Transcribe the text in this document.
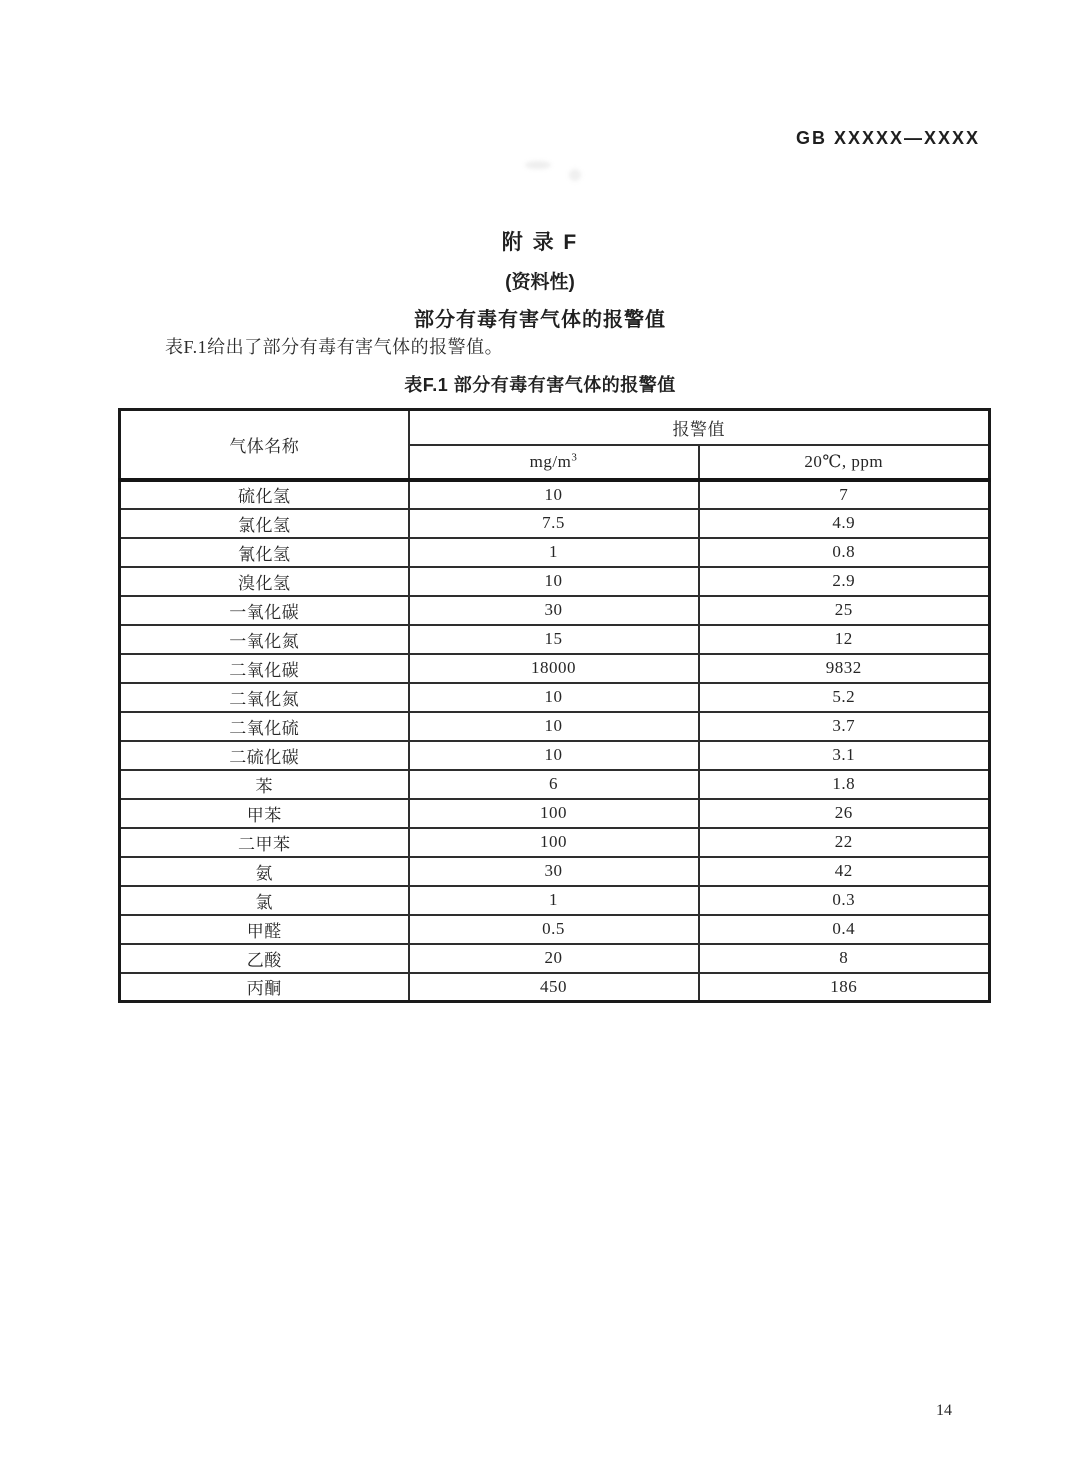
GB XXXXX—XXXX
附 录 F
(资料性)
部分有毒有害气体的报警值
表F.1给出了部分有毒有害气体的报警值。
表F.1 部分有毒有害气体的报警值
气体名称	报警值	
	$mg/m^3$	20℃, ppm
硫化氢	10	7
氯化氢	7.5	4.9
氰化氢	1	0.8
溴化氢	10	2.9
一氧化碳	30	25
一氧化氮	15	12
二氧化碳	18000	9832
二氧化氮	10	5.2
二氧化硫	10	3.7
二硫化碳	10	3.1
苯	6	1.8
甲苯	100	26
二甲苯	100	22
氨	30	42
氯	1	0.3
甲醛	0.5	0.4
乙酸	20	8
丙酮	450	186
14
